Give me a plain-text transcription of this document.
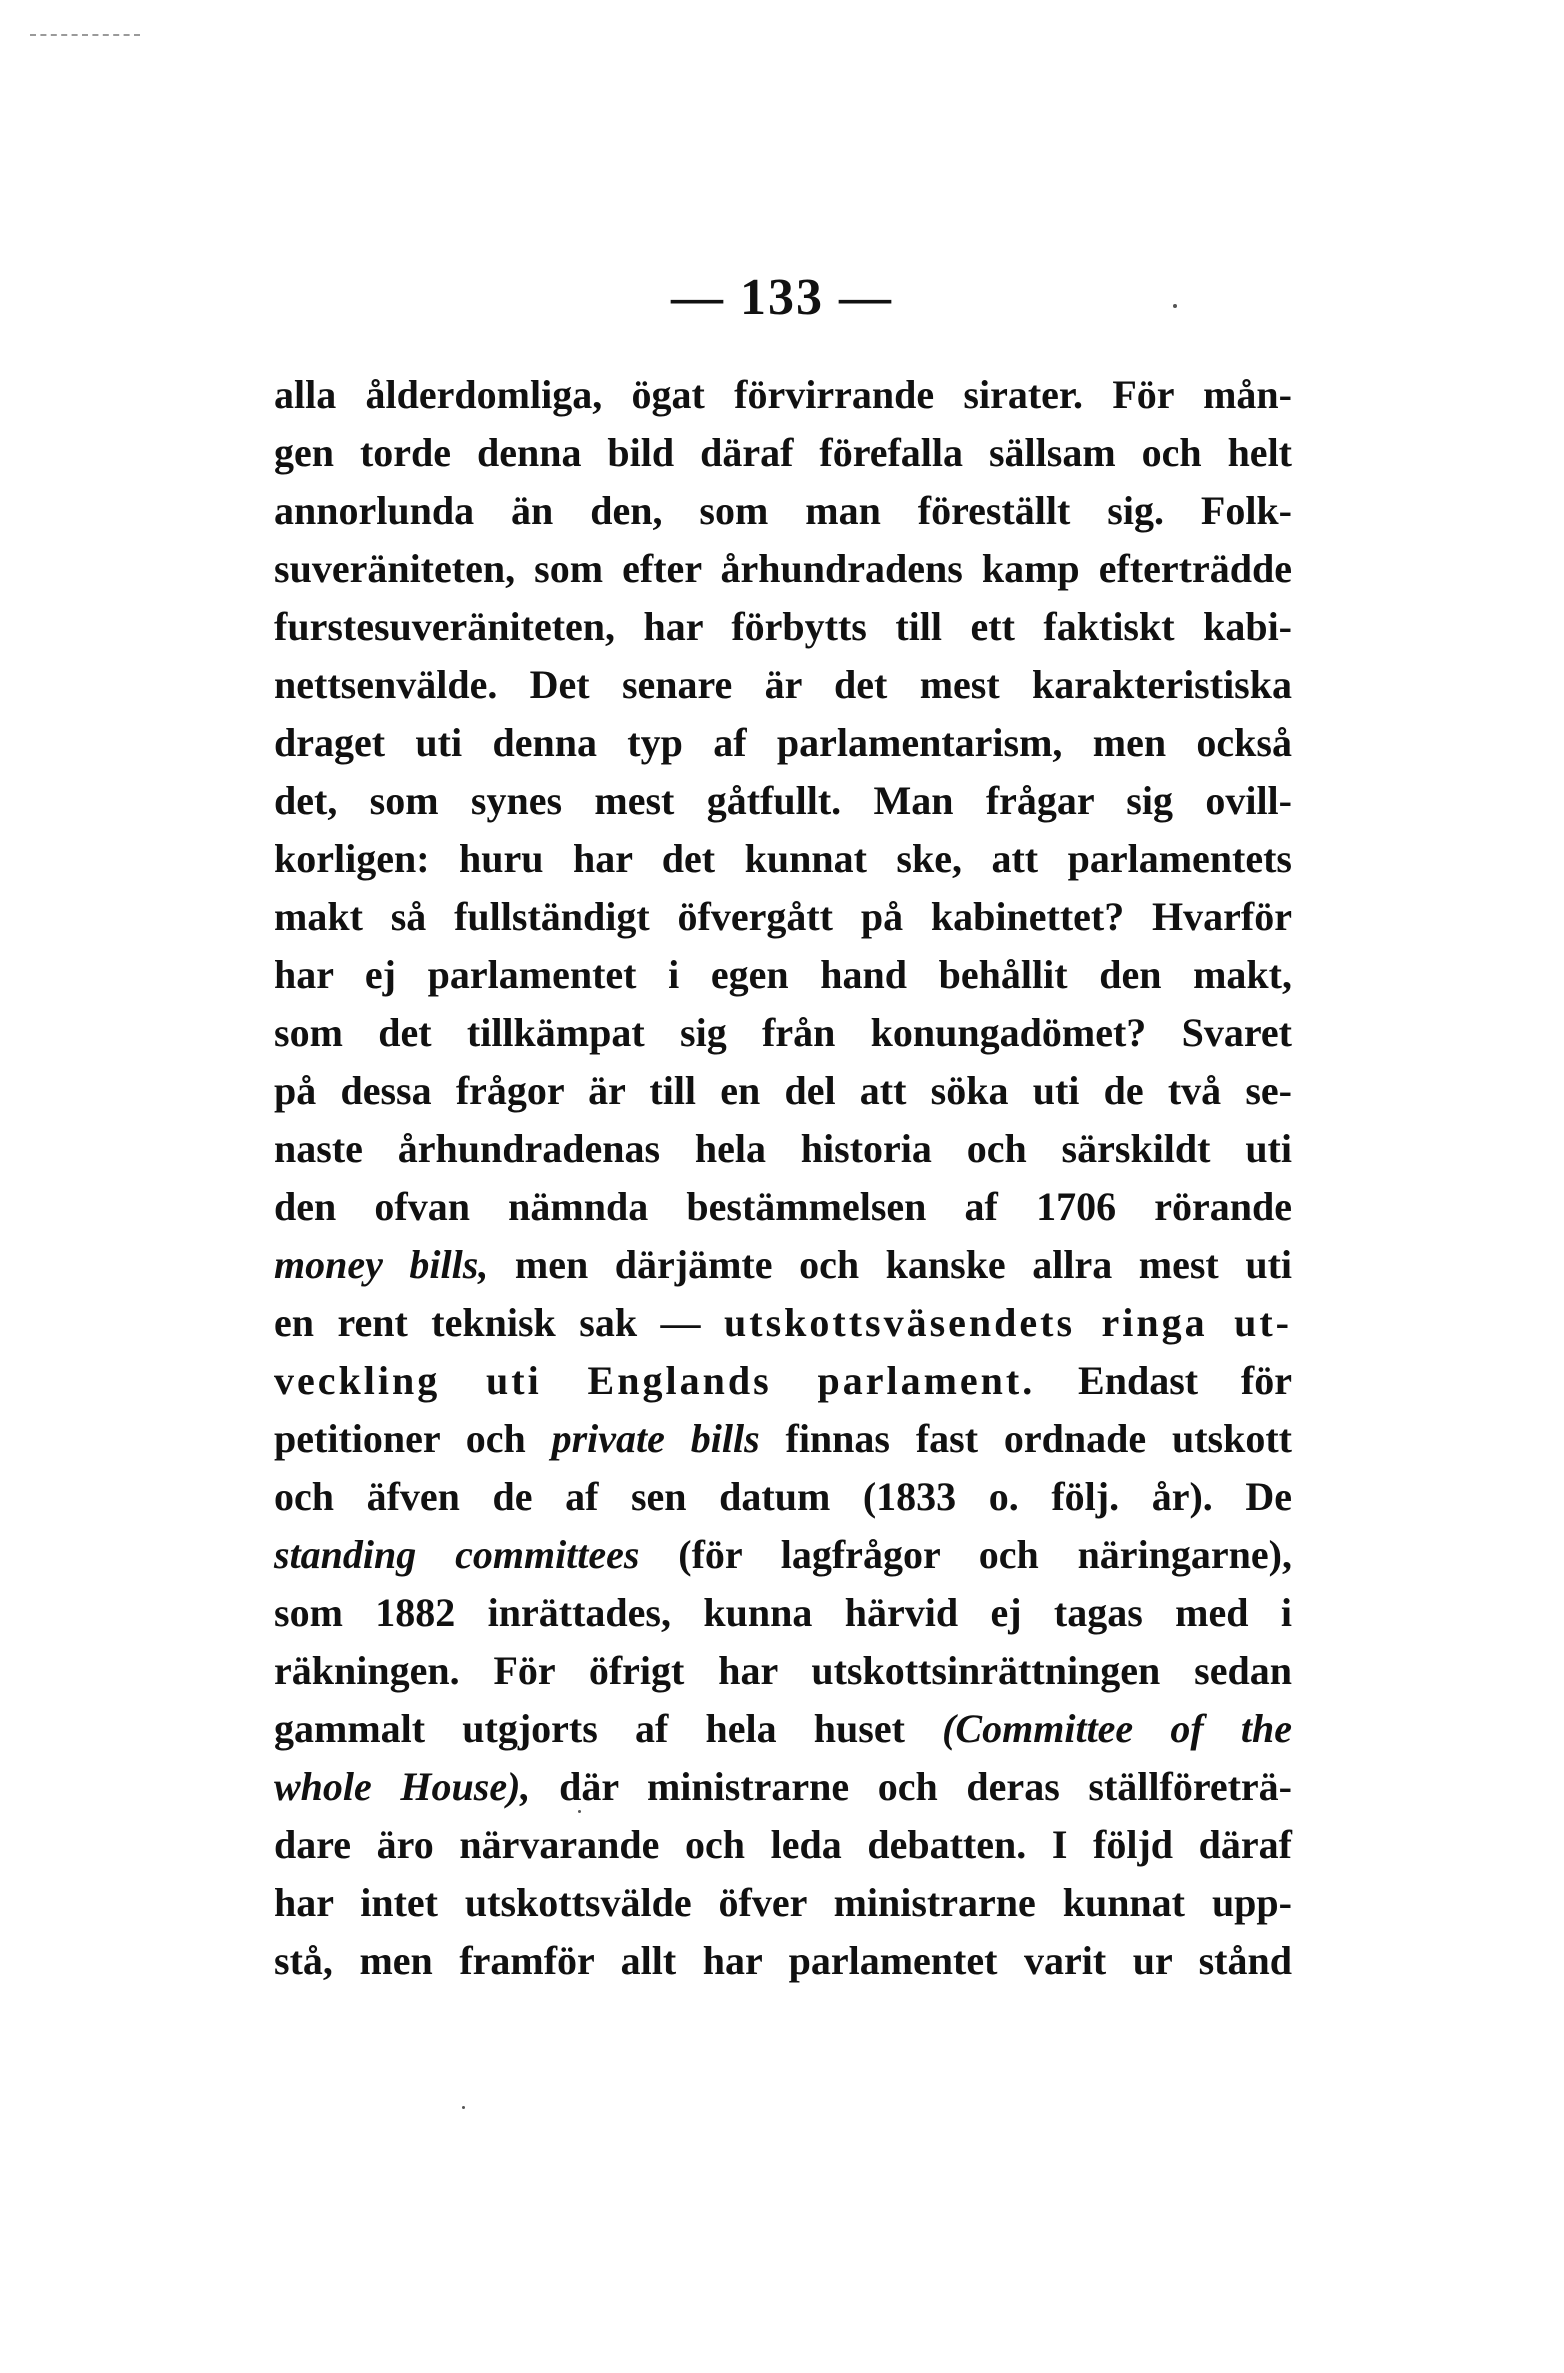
— 133 —
alla ålderdomliga, ögat förvirrande sirater. För mån-
gen torde denna bild däraf förefalla sällsam och helt
annorlunda än den, som man föreställt sig. Folk-
suveräniteten, som efter århundradens kamp efterträdde
furstesuveräniteten, har förbytts till ett faktiskt kabi-
nettsenvälde. Det senare är det mest karakteristiska
draget uti denna typ af parlamentarism, men också
det, som synes mest gåtfullt. Man frågar sig ovill-
korligen: huru har det kunnat ske, att parlamentets
makt så fullständigt öfvergått på kabinettet? Hvarför
har ej parlamentet i egen hand behållit den makt,
som det tillkämpat sig från konungadömet? Svaret
på dessa frågor är till en del att söka uti de två se-
naste århundradenas hela historia och särskildt uti
den ofvan nämnda bestämmelsen af 1706 rörande
money bills, men därjämte och kanske allra mest uti
en rent teknisk sak — utskottsväsendets ringa ut-
veckling uti Englands parlament. Endast för
petitioner och private bills finnas fast ordnade utskott
och äfven de af sen datum (1833 o. följ. år). De
standing committees (för lagfrågor och näringarne),
som 1882 inrättades, kunna härvid ej tagas med i
räkningen. För öfrigt har utskottsinrättningen sedan
gammalt utgjorts af hela huset (Committee of the
whole House), där ministrarne och deras ställföreträ-
dare äro närvarande och leda debatten. I följd däraf
har intet utskottsvälde öfver ministrarne kunnat upp-
stå, men framför allt har parlamentet varit ur stånd
